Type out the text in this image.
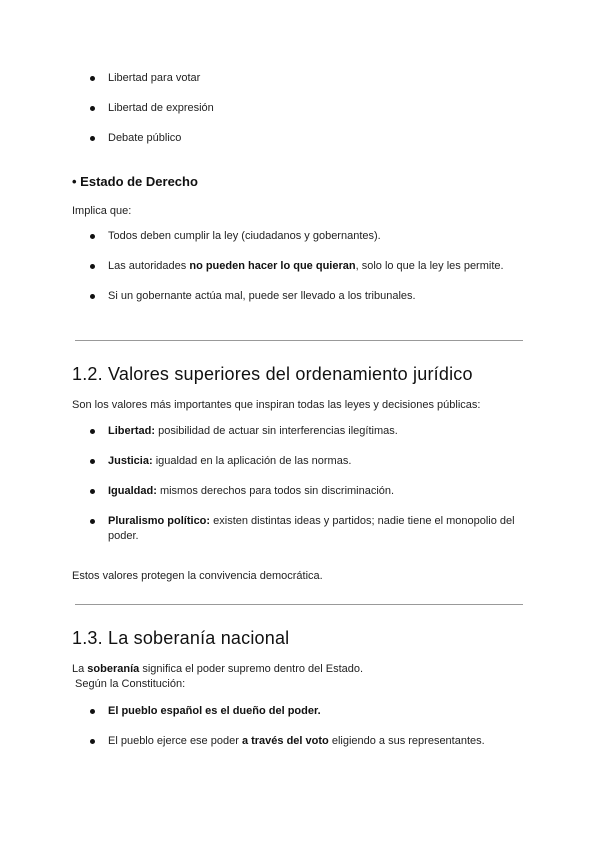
Libertad para votar
Libertad de expresión
Debate público
• Estado de Derecho
Implica que:
Todos deben cumplir la ley (ciudadanos y gobernantes).
Las autoridades no pueden hacer lo que quieran, solo lo que la ley les permite.
Si un gobernante actúa mal, puede ser llevado a los tribunales.
1.2. Valores superiores del ordenamiento jurídico
Son los valores más importantes que inspiran todas las leyes y decisiones públicas:
Libertad: posibilidad de actuar sin interferencias ilegítimas.
Justicia: igualdad en la aplicación de las normas.
Igualdad: mismos derechos para todos sin discriminación.
Pluralismo político: existen distintas ideas y partidos; nadie tiene el monopolio del poder.
Estos valores protegen la convivencia democrática.
1.3. La soberanía nacional
La soberanía significa el poder supremo dentro del Estado.
Según la Constitución:
El pueblo español es el dueño del poder.
El pueblo ejerce ese poder a través del voto eligiendo a sus representantes.
